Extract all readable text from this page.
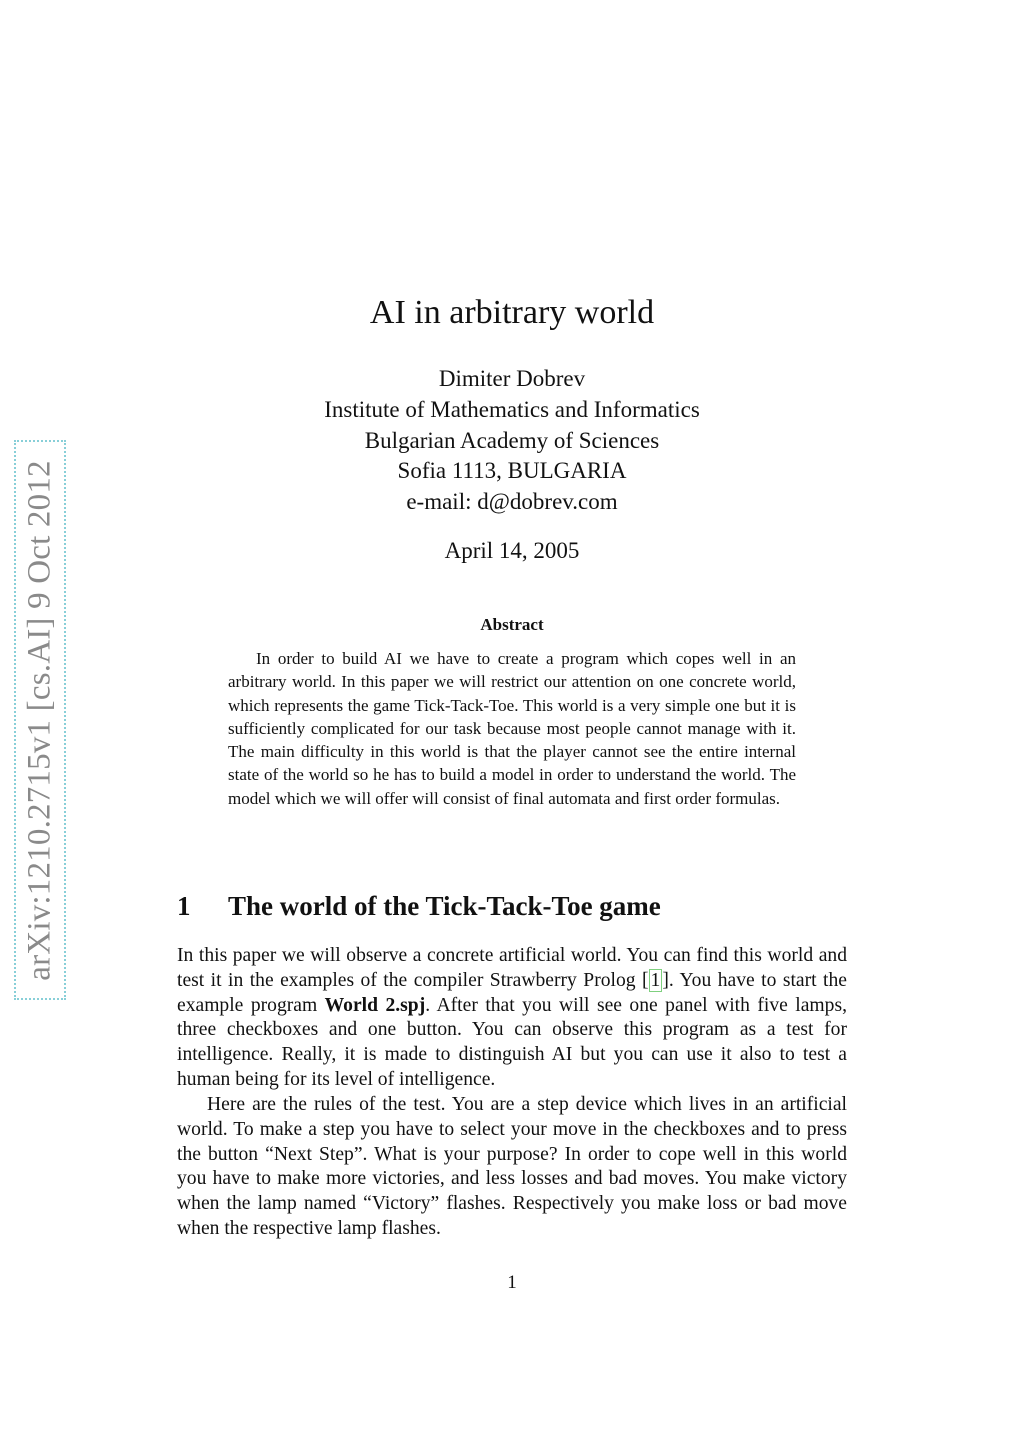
arXiv:1210.2715v1 [cs.AI] 9 Oct 2012
AI in arbitrary world
Dimiter Dobrev
Institute of Mathematics and Informatics
Bulgarian Academy of Sciences
Sofia 1113, BULGARIA
e-mail: d@dobrev.com
April 14, 2005
Abstract

In order to build AI we have to create a program which copes well in an arbitrary world. In this paper we will restrict our attention on one concrete world, which represents the game Tick-Tack-Toe. This world is a very simple one but it is sufficiently complicated for our task because most people cannot manage with it. The main difficulty in this world is that the player cannot see the entire internal state of the world so he has to build a model in order to understand the world. The model which we will offer will consist of final automata and first order formulas.

1 The world of the Tick-Tack-Toe game

In this paper we will observe a concrete artificial world. You can find this world and test it in the examples of the compiler Strawberry Prolog [ 1 ]. You have to start the example program World 2.spj. After that you will see one panel with five lamps, three checkboxes and one button. You can observe this program as a test for intelligence. Really, it is made to distinguish AI but you can use it also to test a human being for its level of intelligence.

Here are the rules of the test. You are a step device which lives in an artificial world. To make a step you have to select your move in the checkboxes and to press the button “Next Step”. What is your purpose? In order to cope well in this world you have to make more victories, and less losses and bad moves. You make victory when the lamp named “Victory” flashes. Respectively you make loss or bad move when the respective lamp flashes.

1
